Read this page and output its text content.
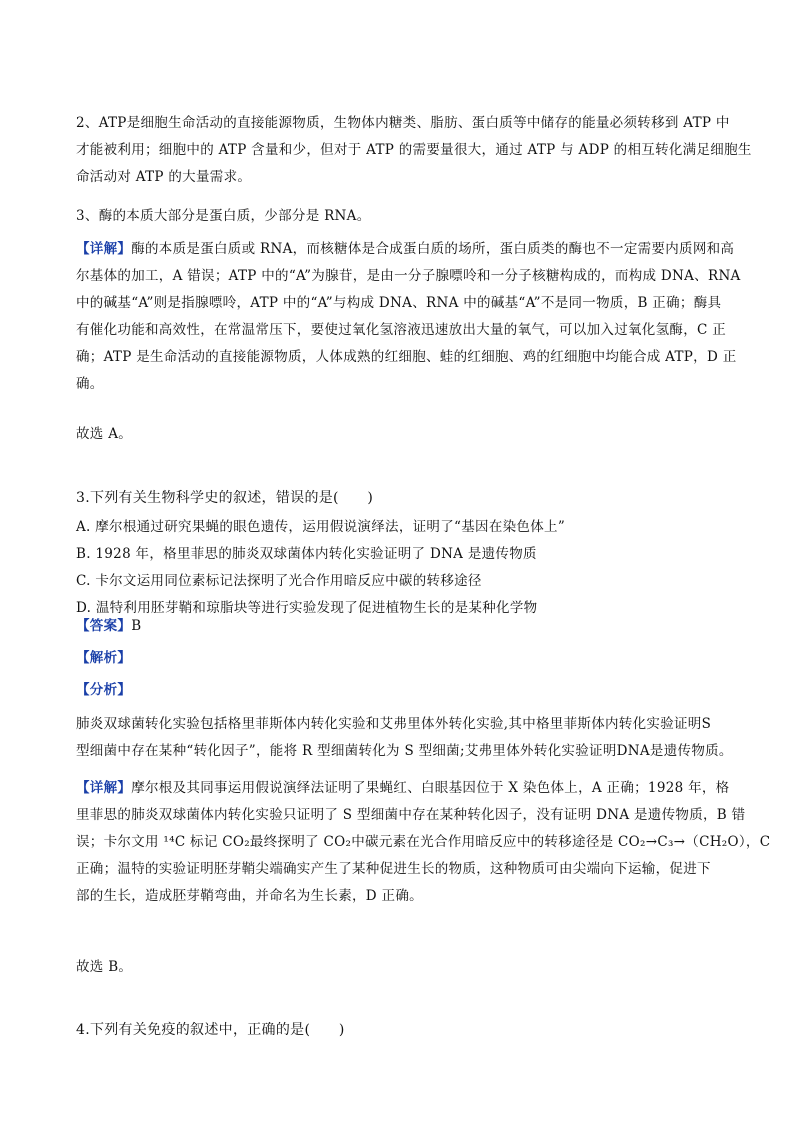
2、ATP是细胞生命活动的直接能源物质，生物体内糖类、脂肪、蛋白质等中储存的能量必须转移到 ATP 中
才能被利用；细胞中的 ATP 含量和少，但对于 ATP 的需要量很大，通过 ATP 与 ADP 的相互转化满足细胞生
命活动对 ATP 的大量需求。
3、酶的本质大部分是蛋白质，少部分是 RNA。
【详解】酶的本质是蛋白质或 RNA，而核糖体是合成蛋白质的场所，蛋白质类的酶也不一定需要内质网和高
尔基体的加工，A 错误；ATP 中的“A”为腺苷，是由一分子腺嘌呤和一分子核糖构成的，而构成 DNA、RNA
中的碱基“A”则是指腺嘌呤，ATP 中的“A”与构成 DNA、RNA 中的碱基“A”不是同一物质，B 正确；酶具
有催化功能和高效性，在常温常压下，要使过氧化氢溶液迅速放出大量的氧气，可以加入过氧化氢酶，C 正
确；ATP 是生命活动的直接能源物质，人体成熟的红细胞、蛙的红细胞、鸡的红细胞中均能合成 ATP，D 正
确。
故选 A。
3.下列有关生物科学史的叙述，错误的是(　　)
A. 摩尔根通过研究果蝇的眼色遗传，运用假说演绎法，证明了“基因在染色体上”
B. 1928 年，格里菲思的肺炎双球菌体内转化实验证明了 DNA 是遗传物质
C. 卡尔文运用同位素标记法探明了光合作用暗反应中碳的转移途径
D. 温特利用胚芽鞘和琼脂块等进行实验发现了促进植物生长的是某种化学物
【答案】B
【解析】
【分析】
肺炎双球菌转化实验包括格里菲斯体内转化实验和艾弗里体外转化实验,其中格里菲斯体内转化实验证明S
型细菌中存在某种“转化因子”，能将 R 型细菌转化为 S 型细菌;艾弗里体外转化实验证明DNA是遗传物质。
【详解】摩尔根及其同事运用假说演绎法证明了果蝇红、白眼基因位于 X 染色体上，A 正确；1928 年，格
里菲思的肺炎双球菌体内转化实验只证明了 S 型细菌中存在某种转化因子，没有证明 DNA 是遗传物质，B 错
误；卡尔文用 ¹⁴C 标记 CO₂最终探明了 CO₂中碳元素在光合作用暗反应中的转移途径是 CO₂→C₃→（CH₂O），C
正确；温特的实验证明胚芽鞘尖端确实产生了某种促进生长的物质，这种物质可由尖端向下运输，促进下
部的生长，造成胚芽鞘弯曲，并命名为生长素，D 正确。
故选 B。
4.下列有关免疫的叙述中，正确的是(　　)
